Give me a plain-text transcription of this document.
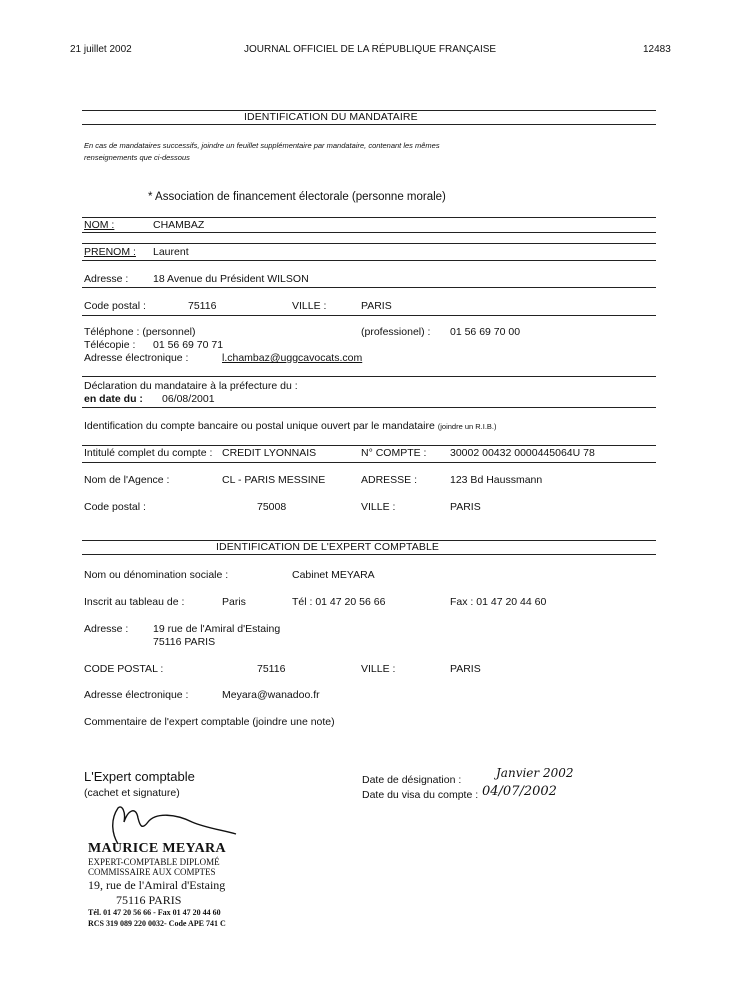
21 juillet 2002	JOURNAL OFFICIEL DE LA RÉPUBLIQUE FRANÇAISE	12483
IDENTIFICATION DU MANDATAIRE
En cas de mandataires successifs, joindre un feuillet supplémentaire par mandataire, contenant les mêmes
renseignements que ci-dessous
* Association de financement électorale (personne morale)
NOM :	CHAMBAZ
PRENOM : Laurent
Adresse : 18 Avenue du Président WILSON
Code postal :	75116	VILLE :	PARIS
Téléphone : (personnel)	(professionel) : 01 56 69 70 00
Télécopie : 01 56 69 70 71
Adresse électronique :	l.chambaz@uggcavocats.com
Déclaration du mandataire à la préfecture du :
en date du : 06/08/2001
Identification du compte bancaire ou postal unique ouvert par le mandataire (joindre un R.I.B.)
Intitulé complet du compte : CREDIT LYONNAIS	N° COMPTE : 30002 00432 0000445064U 78
Nom de l'Agence :	CL - PARIS MESSINE	ADRESSE :	123 Bd Haussmann
Code postal :	75008	VILLE :	PARIS
IDENTIFICATION DE L'EXPERT COMPTABLE
Nom ou dénomination sociale :	Cabinet MEYARA
Inscrit au tableau de :	Paris	Tél : 01 47 20 56 66	Fax : 01 47 20 44 60
Adresse : 19 rue de l'Amiral d'Estaing
75116 PARIS
CODE POSTAL :	75116	VILLE :	PARIS
Adresse électronique :	Meyara@wanadoo.fr
Commentaire de l'expert comptable (joindre une note)
L'Expert comptable
(cachet et signature)
Date de désignation :	Janvier 2002
Date du visa du compte : 04/07/2002
MAURICE MEYARA
EXPERT-COMPTABLE DIPLOMÉ
COMMISSAIRE AUX COMPTES
19, rue de l'Amiral d'Estaing
75116 PARIS
Tél. 01 47 20 56 66 - Fax 01 47 20 44 60
RCS 319 089 220 0032- Code APE 741 C
